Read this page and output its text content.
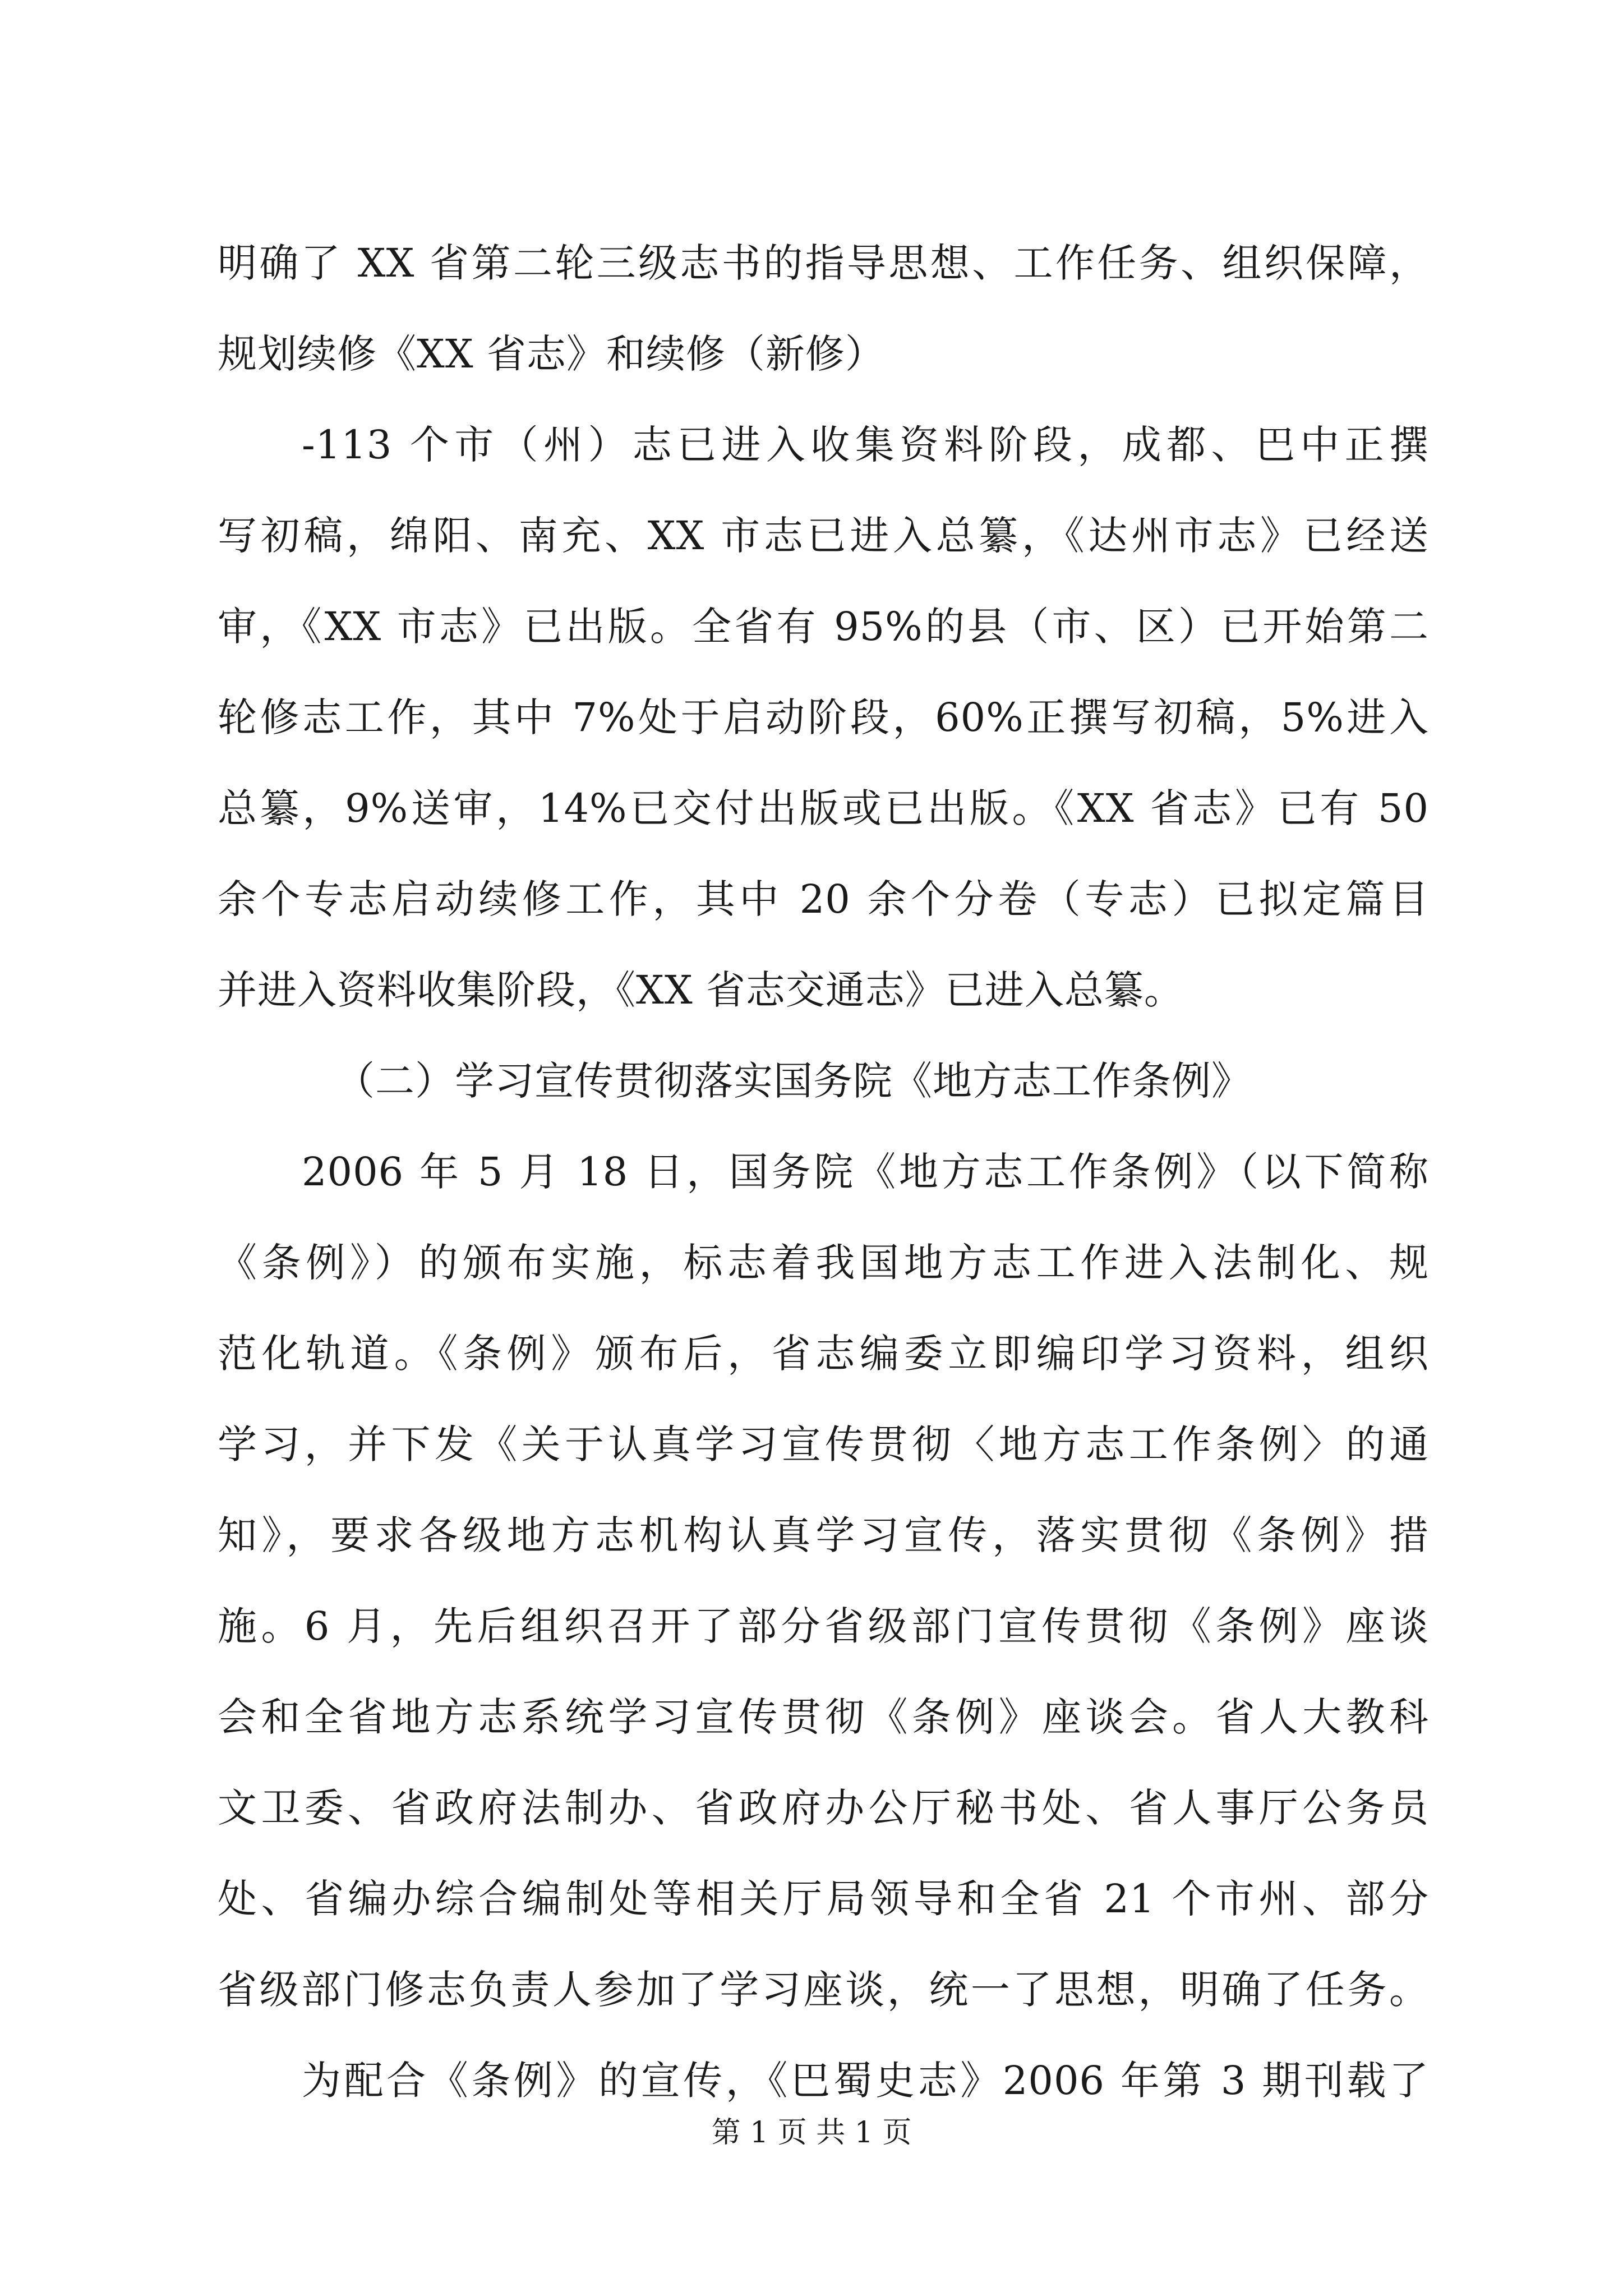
明确了 XX 省第二轮三级志书的指导思想、工作任务、组织保障，
规划续修《XX 省志》和续修（新修）
-113 个市（州）志已进入收集资料阶段，成都、巴中正撰
写初稿，绵阳、南充、XX 市志已进入总纂，《达州市志》已经送
审，《XX 市志》已出版。全省有 95%的县（市、区）已开始第二
轮修志工作，其中 7%处于启动阶段，60%正撰写初稿，5%进入
总纂，9%送审，14%已交付出版或已出版。《XX 省志》已有 50
余个专志启动续修工作，其中 20 余个分卷（专志）已拟定篇目
并进入资料收集阶段，《XX 省志交通志》已进入总纂。
（二）学习宣传贯彻落实国务院《地方志工作条例》
2006 年 5 月 18 日，国务院《地方志工作条例》（以下简称
《条例》）的颁布实施，标志着我国地方志工作进入法制化、规
范化轨道。《条例》颁布后，省志编委立即编印学习资料，组织
学习，并下发《关于认真学习宣传贯彻〈地方志工作条例〉的通
知》，要求各级地方志机构认真学习宣传，落实贯彻《条例》措
施。6 月，先后组织召开了部分省级部门宣传贯彻《条例》座谈
会和全省地方志系统学习宣传贯彻《条例》座谈会。省人大教科
文卫委、省政府法制办、省政府办公厅秘书处、省人事厅公务员
处、省编办综合编制处等相关厅局领导和全省 21 个市州、部分
省级部门修志负责人参加了学习座谈，统一了思想，明确了任务。
为配合《条例》的宣传，《巴蜀史志》2006 年第 3 期刊载了
第 1 页 共 1 页
